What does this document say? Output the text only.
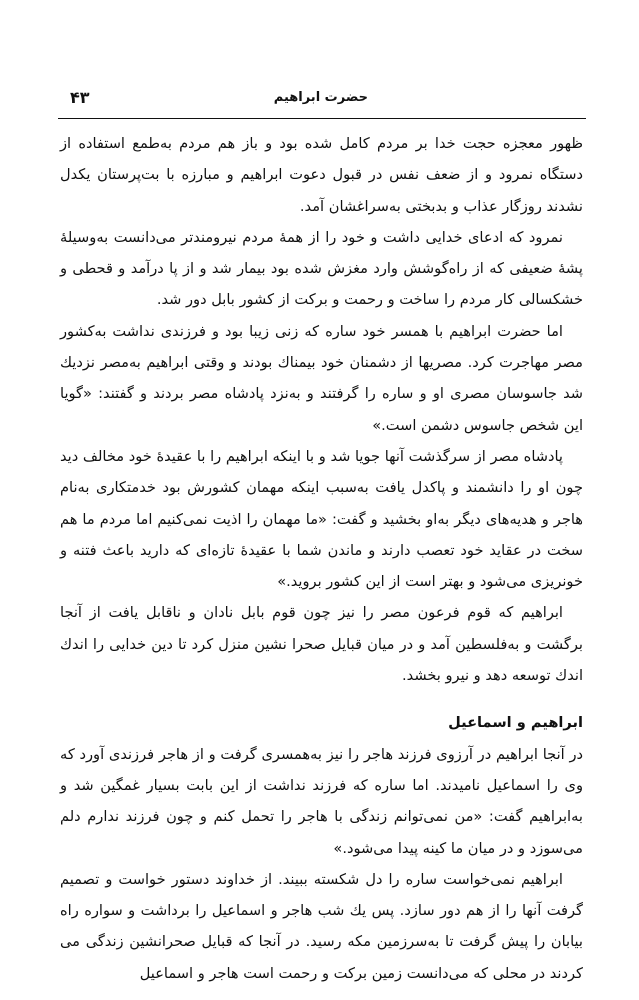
حضرت ابراهیم
۴۳

ظهور معجزه حجت خدا بر مردم کامل شده بود و باز هم مردم به‌طمع استفاده از دستگاه نمرود و از ضعف نفس در قبول دعوت ابراهیم و مبارزه با بت‌پرستان یکدل نشدند روزگار عذاب و بدبختی به‌سراغشان آمد.

نمرود که ادعای خدایی داشت و خود را از همهٔ مردم نیرومندتر می‌دانست به‌وسیلهٔ پشهٔ ضعیفی که از راه‌گوشش وارد مغزش شده بود بیمار شد و از پا درآمد و قحطی و خشکسالی کار مردم را ساخت و رحمت و برکت از کشور بابل دور شد.

اما حضرت ابراهیم با همسر خود ساره که زنی زیبا بود و فرزندی نداشت به‌کشور مصر مهاجرت کرد. مصریها از دشمنان خود بیمناك بودند و وقتی ابراهیم به‌مصر نزدیك شد جاسوسان مصری او و ساره را گرفتند و به‌نزد پادشاه مصر بردند و گفتند: «گویا این شخص جاسوس دشمن است.»

پادشاه مصر از سرگذشت آنها جویا شد و با اینکه ابراهیم را با عقیدهٔ خود مخالف دید چون او را دانشمند و پاکدل یافت به‌سبب اینکه مهمان کشورش بود خدمتکاری به‌نام هاجر و هدیه‌های دیگر به‌او بخشید و گفت: «ما مهمان را اذیت نمی‌کنیم اما مردم ما هم سخت در عقاید خود تعصب دارند و ماندن شما با عقیدهٔ تازه‌ای که دارید باعث فتنه و خونریزی می‌شود و بهتر است از این کشور بروید.»

ابراهیم که قوم فرعون مصر را نیز چون قوم بابل نادان و ناقابل یافت از آنجا برگشت و به‌فلسطین آمد و در میان قبایل صحرا نشین منزل کرد تا دین خدایی را اندك اندك توسعه دهد و نیرو بخشد.

ابراهیم و اسماعیل

در آنجا ابراهیم در آرزوی فرزند هاجر را نیز به‌همسری گرفت و از هاجر فرزندی آورد که وی را اسماعیل نامیدند. اما ساره که فرزند نداشت از این بابت بسیار غمگین شد و به‌ابراهیم گفت: «من نمی‌توانم زندگی با هاجر را تحمل کنم و چون فرزند ندارم دلم می‌سوزد و در میان ما کینه پیدا می‌شود.»

ابراهیم نمی‌خواست ساره را دل شکسته ببیند. از خداوند دستور خواست و تصمیم گرفت آنها را از هم دور سازد. پس یك شب هاجر و اسماعیل را برداشت و سواره راه بیابان را پیش گرفت تا به‌سرزمین مکه رسید. در آنجا که قبایل صحرانشین زندگی می کردند در محلی که می‌دانست زمین برکت و رحمت است هاجر و اسماعیل
